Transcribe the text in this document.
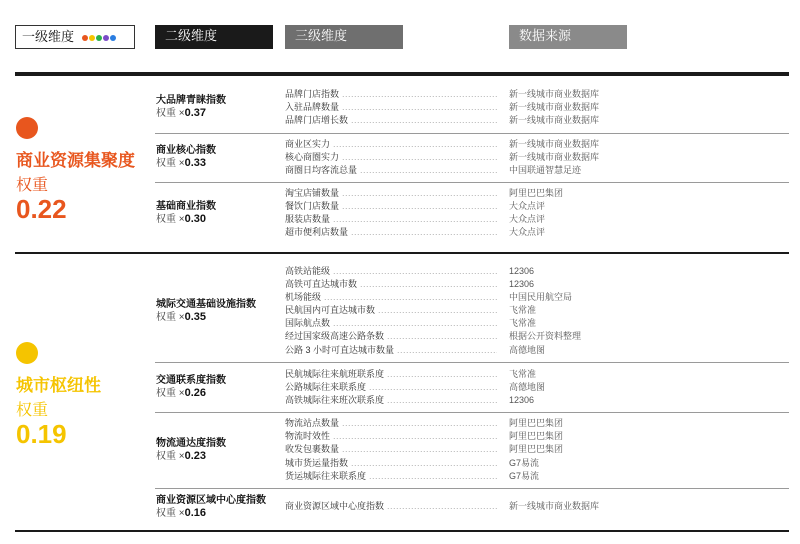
一级维度	二级维度	三级维度	数据来源
商业资源集聚度
权重
0.22
大品牌青睐指数
权重 ×0.37
品牌门店指数 .....	新一线城市商业数据库
入驻品牌数量 .....	新一线城市商业数据库
品牌门店增长数 .....	新一线城市商业数据库
商业核心指数
权重 ×0.33
商业区实力 .....	新一线城市商业数据库
核心商圈实力 .....	新一线城市商业数据库
商圈日均客流总量 .....	中国联通智慧足迹
基础商业指数
权重 ×0.30
淘宝店铺数量 .....	阿里巴巴集团
餐饮门店数量 .....	大众点评
服装店数量 .....	大众点评
超市便利店数量 .....	大众点评
城市枢纽性
权重
0.19
城际交通基础设施指数
权重 ×0.35
高铁站能级 .....	12306
高铁可直达城市数 .....	12306
机场能级 .....	中国民用航空局
民航国内可直达城市数 .....	飞常准
国际航点数 .....	飞常准
经过国家级高速公路条数 .....	根据公开资料整理
公路 3 小时可直达城市数量 .....	高德地图
交通联系度指数
权重 ×0.26
民航城际往来航班联系度 .....	飞常准
公路城际往来联系度 .....	高德地图
高铁城际往来班次联系度 .....	12306
物流通达度指数
权重 ×0.23
物流站点数量 .....	阿里巴巴集团
物流时效性 .....	阿里巴巴集团
收发包裹数量 .....	阿里巴巴集团
城市货运量指数 .....	G7易流
货运城际往来联系度 .....	G7易流
商业资源区域中心度指数
权重 ×0.16
商业资源区域中心度指数 .....	新一线城市商业数据库
